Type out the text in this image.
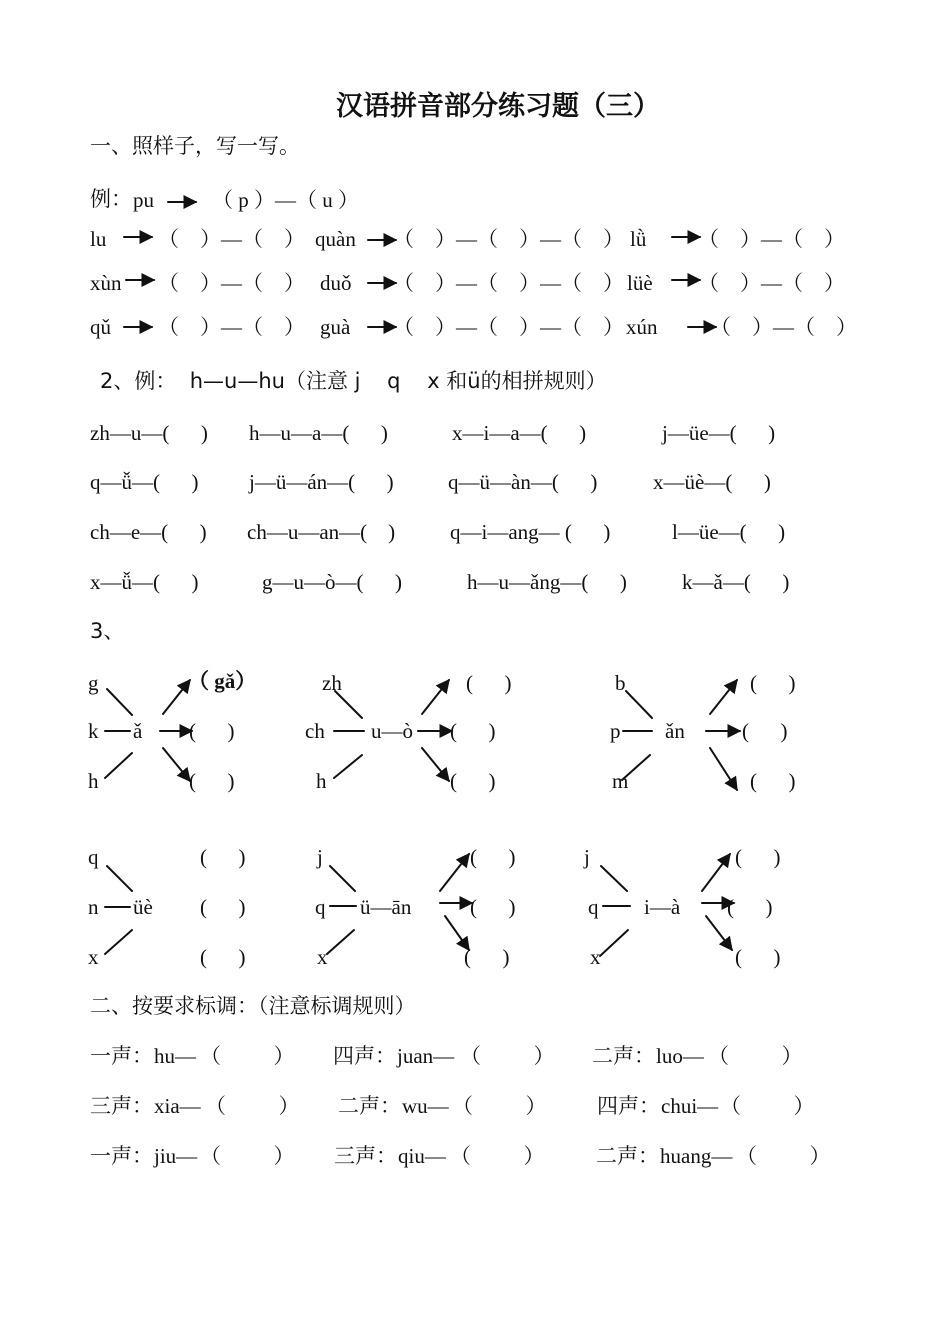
汉语拼音部分练习题（三）
一、照样子，写一写。
例： pu	（ p ）—（ u ）
lu （　）—（　） quàn （　）—（　）—（　） lǜ （　）—（　）
xùn （　）—（　） duǒ （　）—（　）—（　） lüè （　）—（　）
qǔ （　）—（　） guà （　）—（　）—（　） xún	（　）—（　）
2、例：  h—u—hu（注意 j    q    x 和ü的相拼规则）
zh—u—(      ) h—u—a—(      )	x—i—a—(      )	j—üe—(      )
q—ǚ—(      ) j—ü—án—(      )	q—ü—àn—(      )	x—üè—(      )
ch—e—(      ) ch—u—an—(    )	q—i—ang— (      )	l—üe—(      )
x—ǚ—(      )	g—u—ò—(      )	h—u—ǎng—(      )	k—ǎ—(      )
3、
g
k
h
ǎ
（ gǎ）
(      )
(      )
zh
ch
h
u—ò
(      )
(      )
(      )
b
p
m
ǎn
(      )
(      )
(      )
q
n
x
üè
(      )
(      )
(      )
j
q
x
ü—ān
(      )
(      )
(      )
j
q
x
i—à
(      )
(      )
(      )
二、按要求标调：（注意标调规则）
一声： hu— （          ） 四声： juan— （          ） 二声： luo— （          ）
三声： xia— （          ） 二声： wu— （          ） 四声： chui— （          ）
一声： jiu— （          ） 三声： qiu— （          ） 二声： huang— （          ）
